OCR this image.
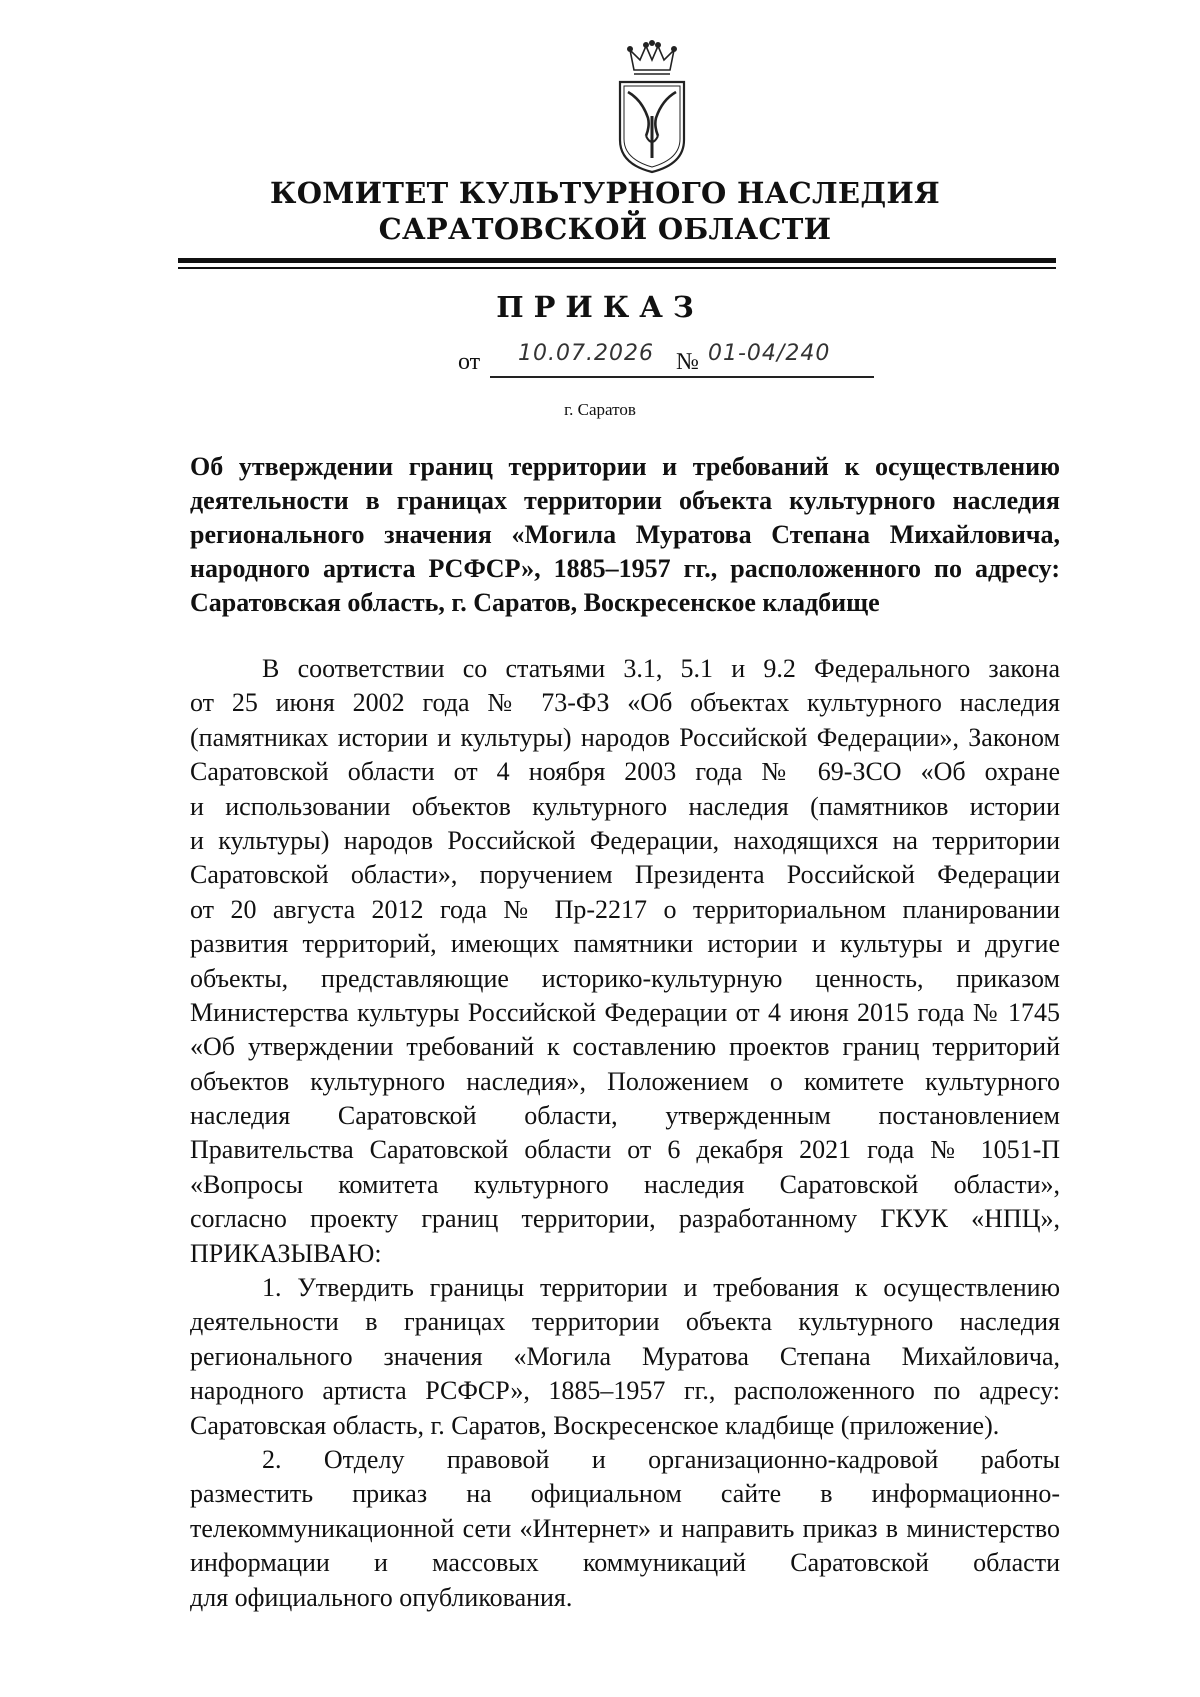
КОМИТЕТ КУЛЬТУРНОГО НАСЛЕДИЯ
САРАТОВСКОЙ ОБЛАСТИ
ПРИКАЗ
от 10.07.2026 № 01-04/240
г. Саратов
Об утверждении границ территории и требований к осуществлению
деятельности в границах территории объекта культурного наследия
регионального значения «Могила Муратова Степана Михайловича,
народного артиста РСФСР», 1885–1957 гг., расположенного по адресу:
Саратовская область, г. Саратов, Воскресенское кладбище
В соответствии со статьями 3.1, 5.1 и 9.2 Федерального закона
от 25 июня 2002 года № 73-ФЗ «Об объектах культурного наследия
(памятниках истории и культуры) народов Российской Федерации», Законом
Саратовской области от 4 ноября 2003 года № 69-ЗСО «Об охране
и использовании объектов культурного наследия (памятников истории
и культуры) народов Российской Федерации, находящихся на территории
Саратовской области», поручением Президента Российской Федерации
от 20 августа 2012 года № Пр-2217 о территориальном планировании
развития территорий, имеющих памятники истории и культуры и другие
объекты, представляющие историко-культурную ценность, приказом
Министерства культуры Российской Федерации от 4 июня 2015 года № 1745
«Об утверждении требований к составлению проектов границ территорий
объектов культурного наследия», Положением о комитете культурного
наследия Саратовской области, утвержденным постановлением
Правительства Саратовской области от 6 декабря 2021 года № 1051-П
«Вопросы комитета культурного наследия Саратовской области»,
согласно проекту границ территории, разработанному ГКУК «НПЦ»,
ПРИКАЗЫВАЮ:
1. Утвердить границы территории и требования к осуществлению
деятельности в границах территории объекта культурного наследия
регионального значения «Могила Муратова Степана Михайловича,
народного артиста РСФСР», 1885–1957 гг., расположенного по адресу:
Саратовская область, г. Саратов, Воскресенское кладбище (приложение).
2. Отделу правовой и организационно-кадровой работы
разместить приказ на официальном сайте в информационно-
телекоммуникационной сети «Интернет» и направить приказ в министерство
информации и массовых коммуникаций Саратовской области
для официального опубликования.
